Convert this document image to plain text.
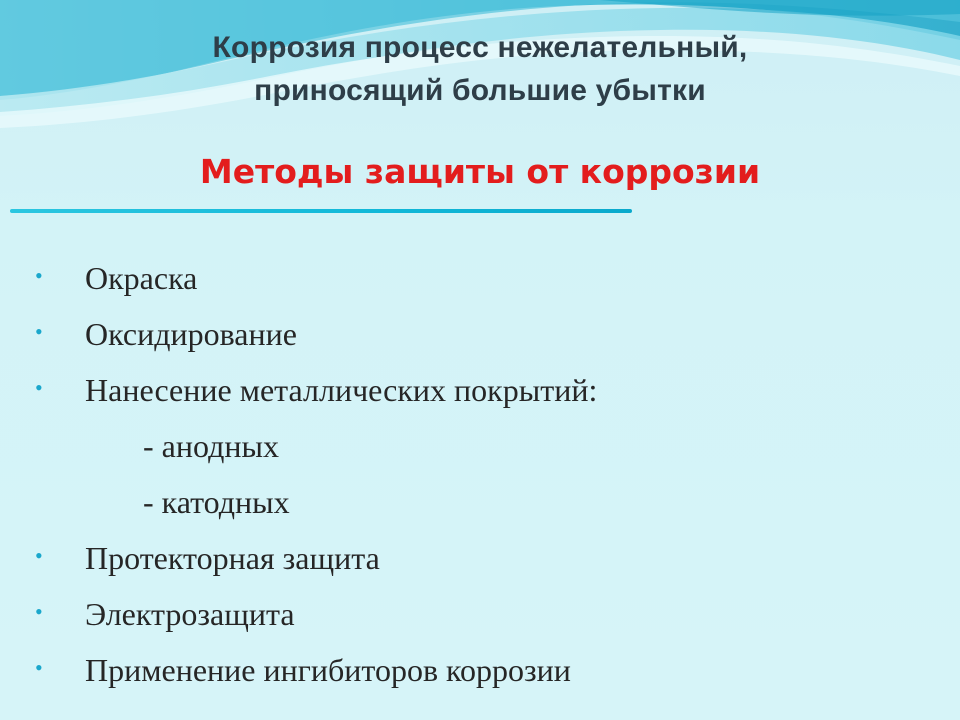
Коррозия процесс нежелательный,
приносящий большие убытки
Методы защиты от коррозии
• Окраска
• Оксидирование
• Нанесение металлических покрытий:
- анодных
- катодных
• Протекторная защита
• Электрозащита
• Применение ингибиторов коррозии
